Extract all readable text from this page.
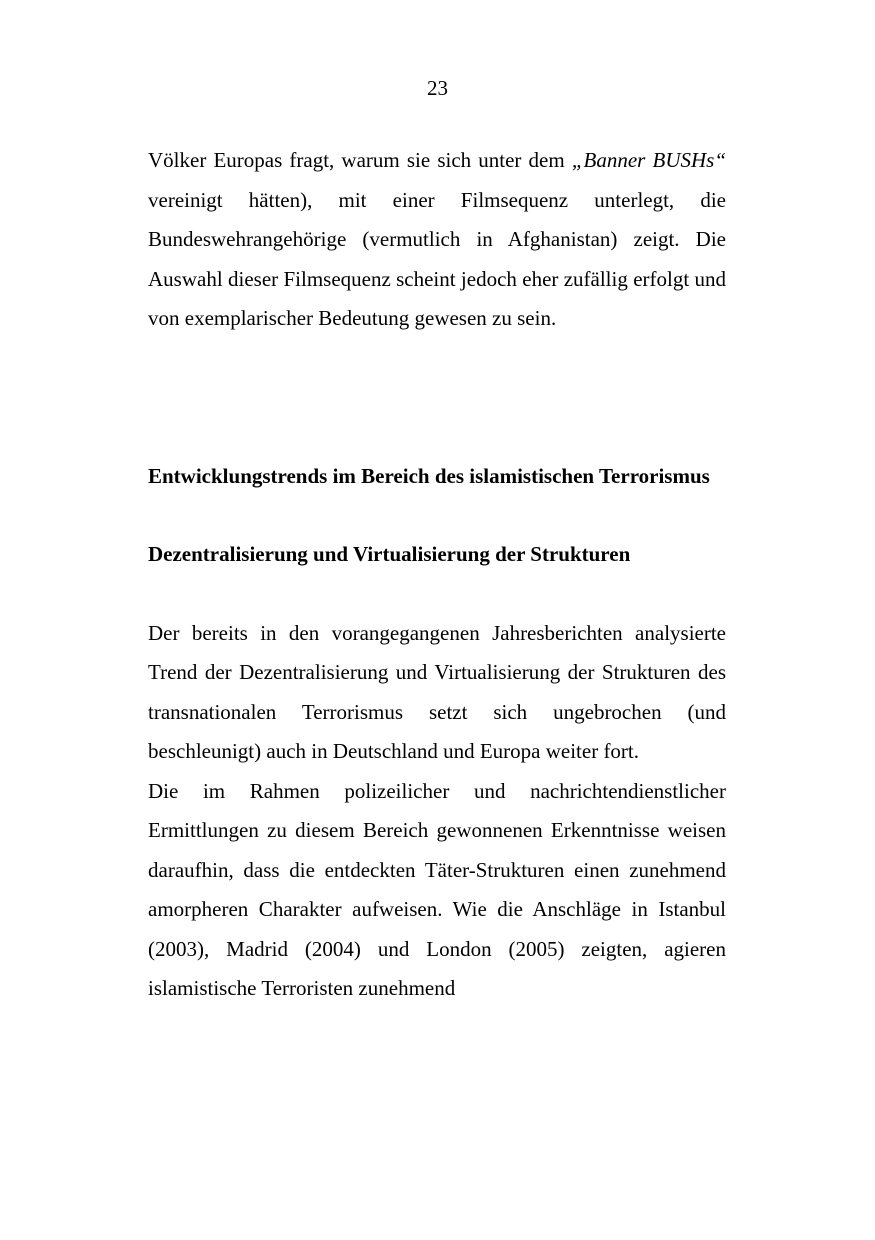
23

Völker Europas fragt, warum sie sich unter dem „Banner BUSHs“ vereinigt hätten), mit einer Filmsequenz unterlegt, die Bundeswehrangehörige (vermutlich in Afghanistan) zeigt. Die Auswahl dieser Filmsequenz scheint jedoch eher zufällig erfolgt und von exemplarischer Bedeutung gewesen zu sein.

Entwicklungstrends im Bereich des islamistischen Terrorismus
Dezentralisierung und Virtualisierung der Strukturen

Der bereits in den vorangegangenen Jahresberichten analysierte Trend der Dezentralisierung und Virtualisierung der Strukturen des transnationalen Terrorismus setzt sich ungebrochen (und beschleunigt) auch in Deutschland und Europa weiter fort.

Die im Rahmen polizeilicher und nachrichtendienstlicher Ermittlungen zu diesem Bereich gewonnenen Erkenntnisse weisen daraufhin, dass die entdeckten Täter-Strukturen einen zunehmend amorpheren Charakter aufweisen. Wie die Anschläge in Istanbul (2003), Madrid (2004) und London (2005) zeigten, agieren islamistische Terroristen zunehmend
